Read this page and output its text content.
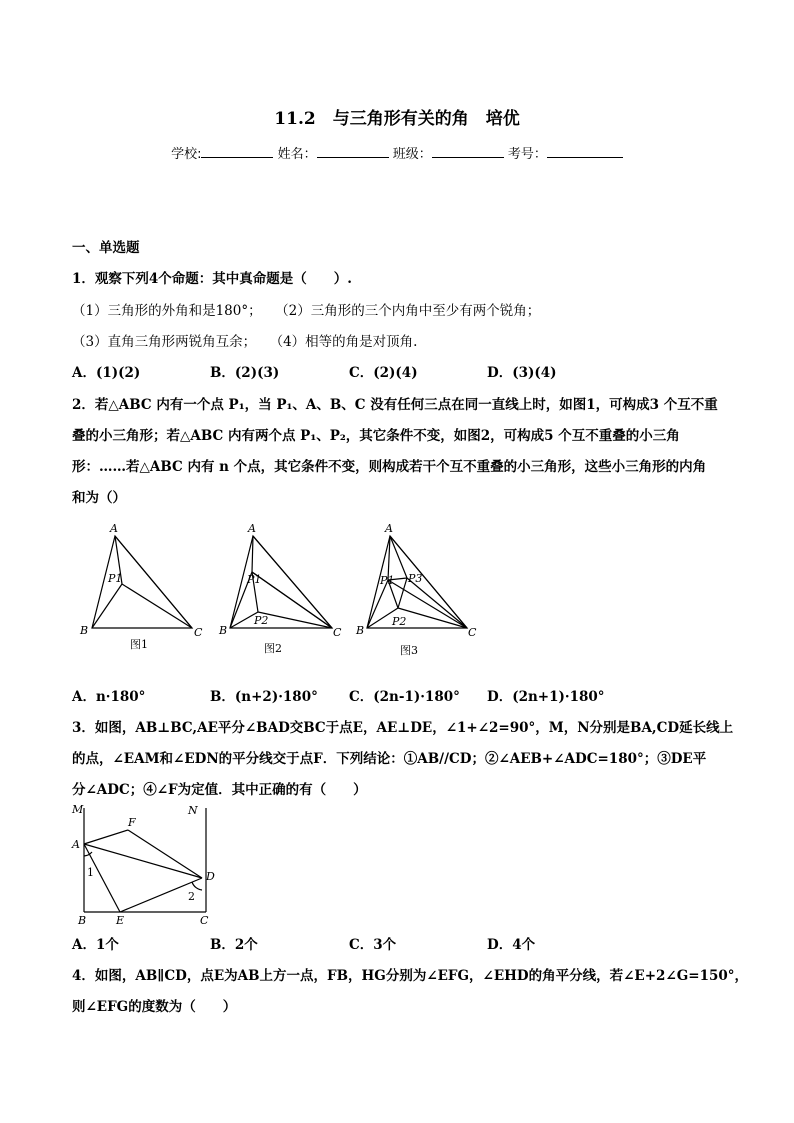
11.2　与三角形有关的角　培优
学校:	姓名：	班级：	考号：
一、单选题
1．观察下列4个命题：其中真命题是（　　）.
（1）三角形的外角和是180°；　　（2）三角形的三个内角中至少有两个锐角；
（3）直角三角形两锐角互余；　　（4）相等的角是对顶角.
A．(1)(2)	B．(2)(3)	C．(2)(4)	D．(3)(4)
2．若△ABC 内有一个点 P₁，当 P₁、A、B、C 没有任何三点在同一直线上时，如图1，可构成3 个互不重
叠的小三角形；若△ABC 内有两个点 P₁、P₂，其它条件不变，如图2，可构成5 个互不重叠的小三角
形：……若△ABC 内有 n 个点，其它条件不变，则构成若干个互不重叠的小三角形，这些小三角形的内角
和为（）
A
B	C
P1
A
B	C
P1
P2
A
B	C
P1
P2
P3
图1	图2	图3
A．n·180°	B．(n+2)·180° C．(2n-1)·180° D．(2n+1)·180°
3．如图，AB⊥BC,AE平分∠BAD交BC于点E，AE⊥DE，∠1+∠2=90°，M，N分别是BA,CD延长线上
的点，∠EAM和∠EDN的平分线交于点F．下列结论：①AB//CD；②∠AEB+∠ADC=180°；③DE平
分∠ADC；④∠F为定值．其中正确的有（　　）
M	N
A
F
D
B	E	C
1
2
A．1个	B．2个	C．3个	D．4个
4．如图，AB∥CD，点E为AB上方一点，FB，HG分别为∠EFG，∠EHD的角平分线，若∠E+2∠G=150°，
则∠EFG的度数为（　　）
